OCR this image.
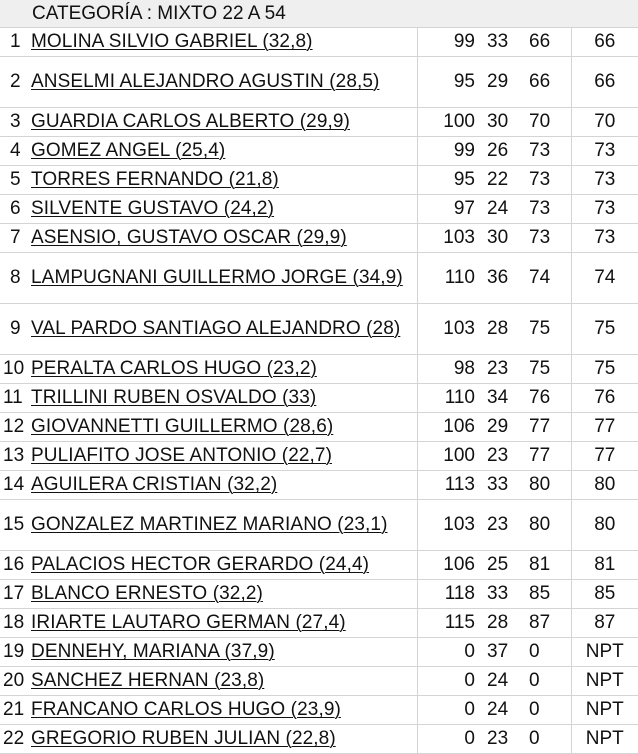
CATEGORÍA : MIXTO 22 A 54					
1	MOLINA SILVIO GABRIEL (32,8)	99	33	66	66
2	ANSELMI ALEJANDRO AGUSTIN (28,5)	95	29	66	66
3	GUARDIA CARLOS ALBERTO (29,9)	100	30	70	70
4	GOMEZ ANGEL (25,4)	99	26	73	73
5	TORRES FERNANDO (21,8)	95	22	73	73
6	SILVENTE GUSTAVO (24,2)	97	24	73	73
7	ASENSIO, GUSTAVO OSCAR (29,9)	103	30	73	73
8	LAMPUGNANI GUILLERMO JORGE (34,9)	110	36	74	74
9	VAL PARDO SANTIAGO ALEJANDRO (28)	103	28	75	75
10	PERALTA CARLOS HUGO (23,2)	98	23	75	75
11	TRILLINI RUBEN OSVALDO (33)	110	34	76	76
12	GIOVANNETTI GUILLERMO (28,6)	106	29	77	77
13	PULIAFITO JOSE ANTONIO (22,7)	100	23	77	77
14	AGUILERA CRISTIAN (32,2)	113	33	80	80
15	GONZALEZ MARTINEZ MARIANO (23,1)	103	23	80	80
16	PALACIOS HECTOR GERARDO (24,4)	106	25	81	81
17	BLANCO ERNESTO (32,2)	118	33	85	85
18	IRIARTE LAUTARO GERMAN (27,4)	115	28	87	87
19	DENNEHY, MARIANA (37,9)	0	37	0	NPT
20	SANCHEZ HERNAN (23,8)	0	24	0	NPT
21	FRANCANO CARLOS HUGO (23,9)	0	24	0	NPT
22	GREGORIO RUBEN JULIAN (22,8)	0	23	0	NPT
